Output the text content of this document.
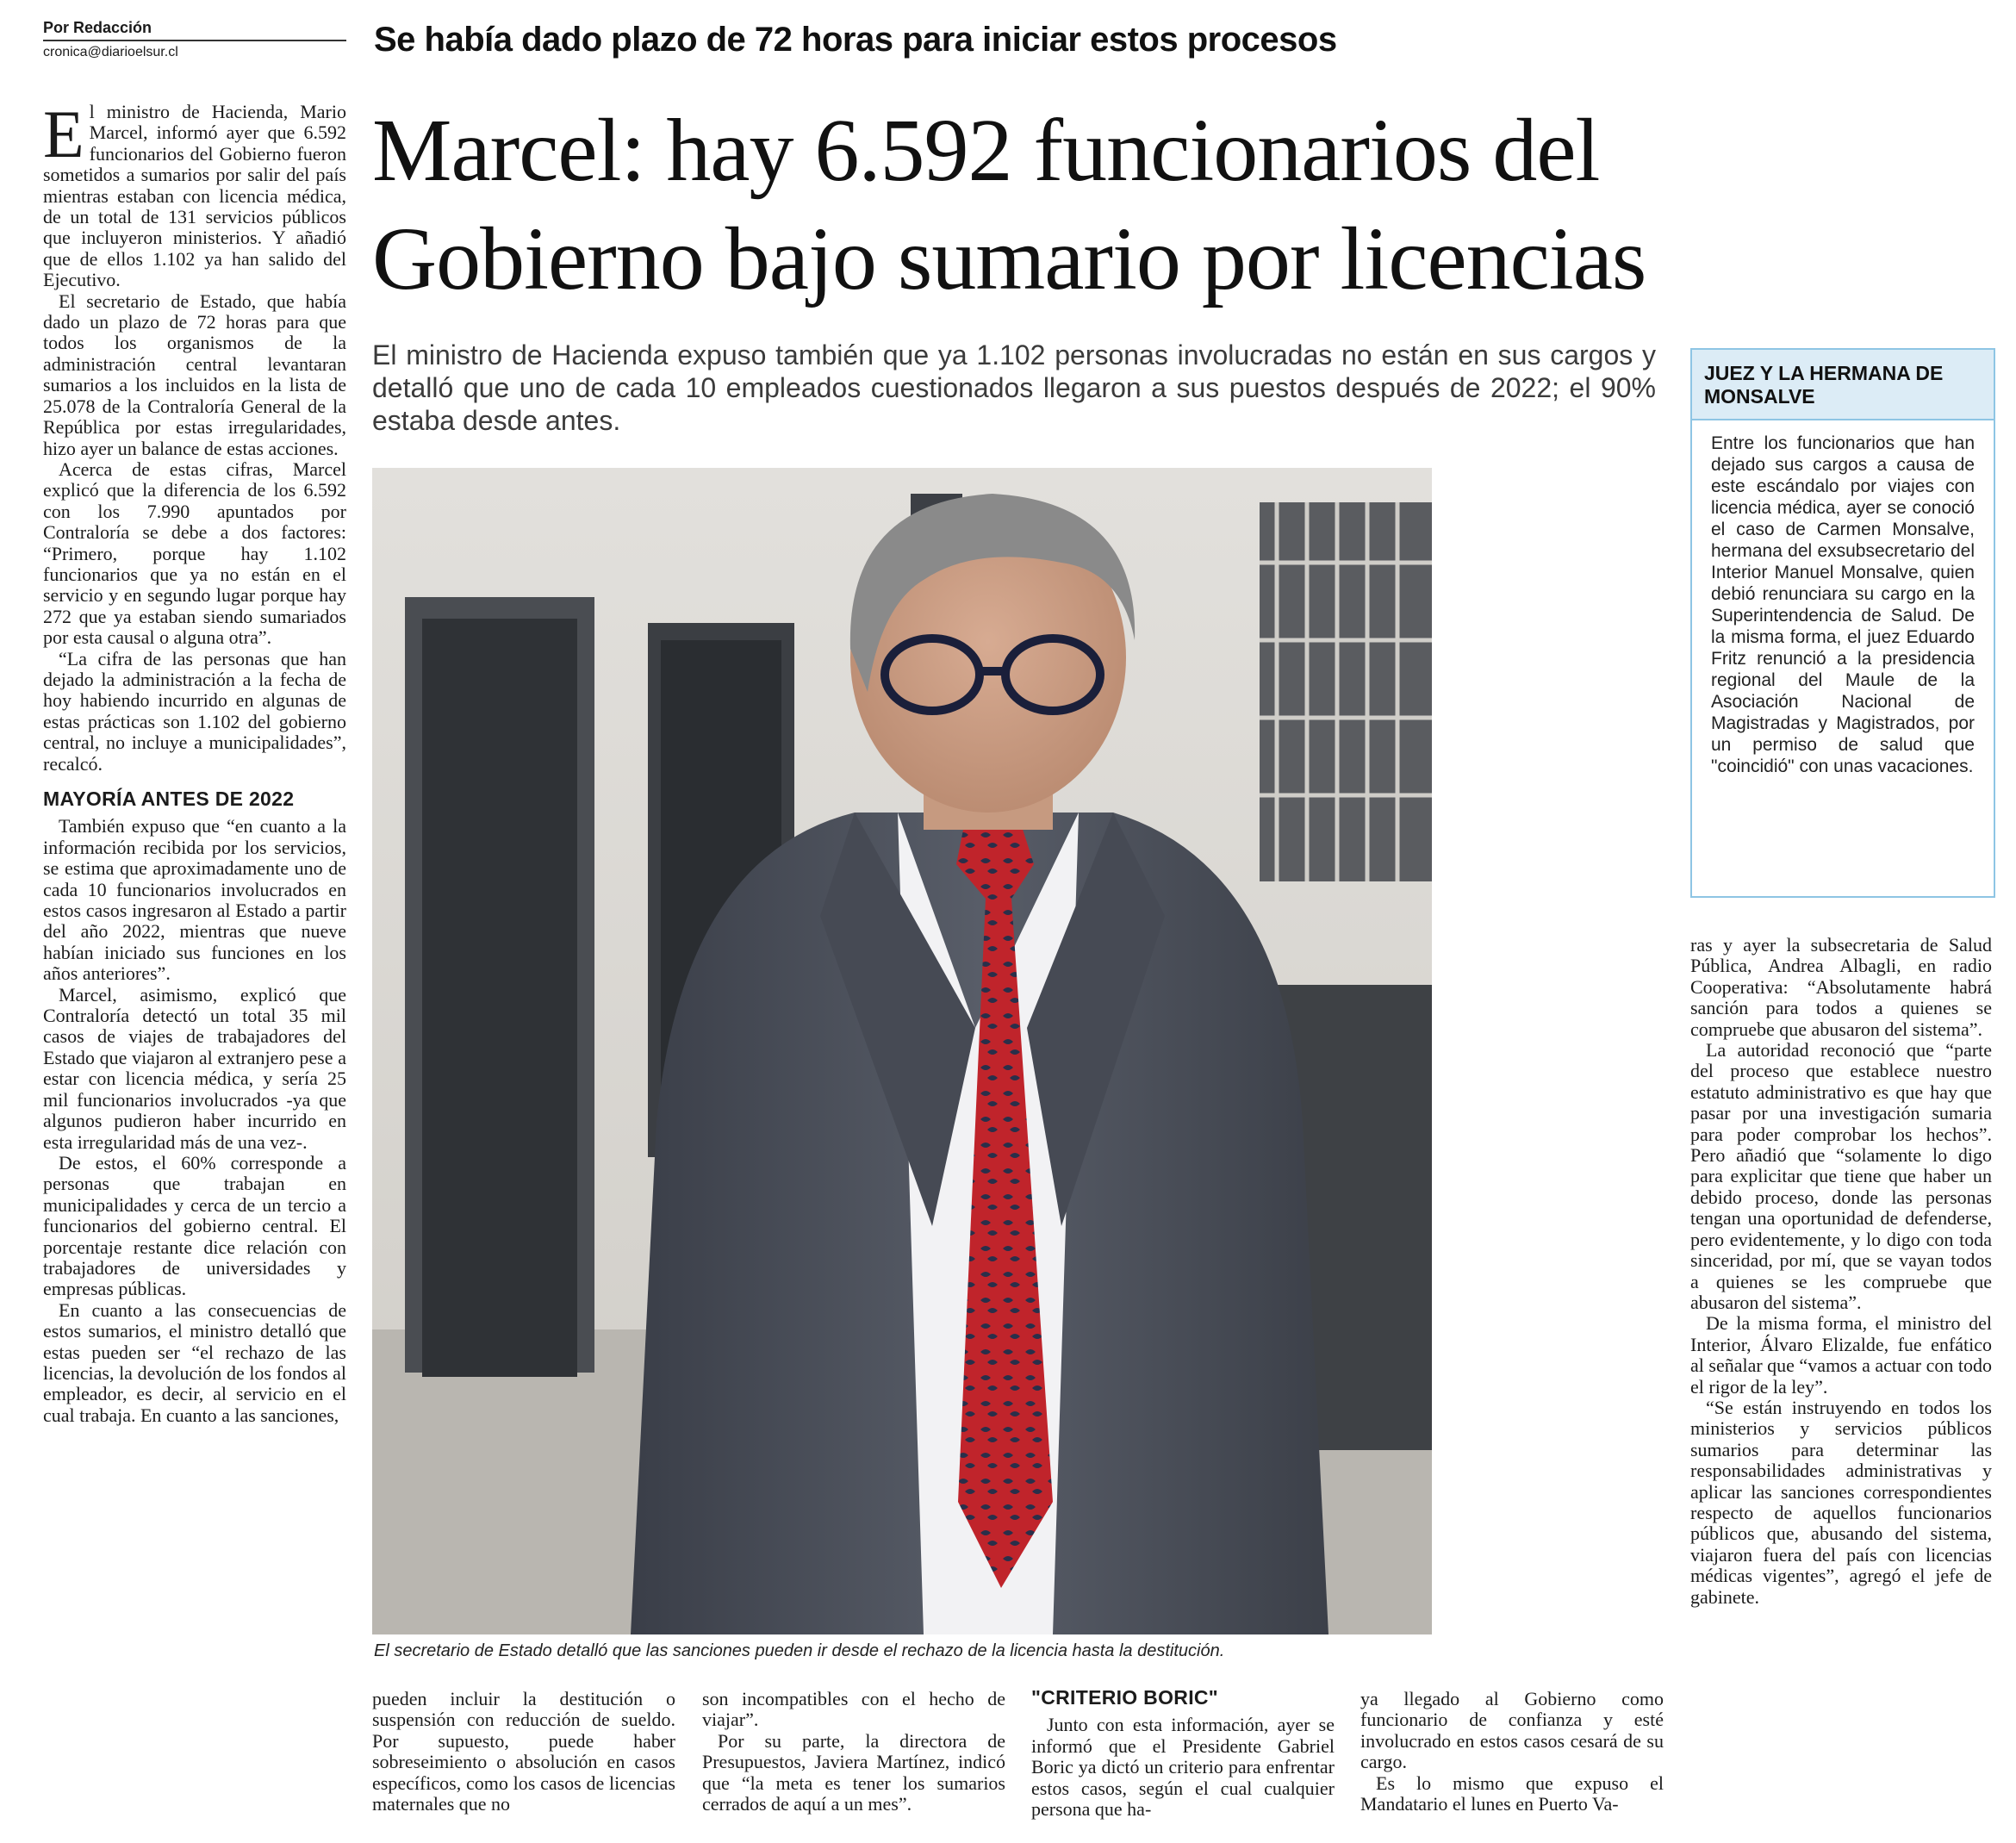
Por Redacción
cronica@diarioelsur.cl	Se había dado plazo de 72 horas para iniciar estos procesos
Marcel: hay 6.592 funcionarios del
Gobierno bajo sumario por licencias
El ministro de Hacienda expuso también que ya 1.102 personas involucradas no están en sus cargos y detalló que uno de cada 10 empleados cuestionados llegaron a sus puestos después de 2022; el 90% estaba desde antes.

El ministro de Hacienda, Mario Marcel, informó ayer que 6.592 funcionarios del Gobierno fueron sometidos a sumarios por salir del país mientras estaban con licencia médica, de un total de 131 servicios públicos que incluyeron ministerios. Y añadió que de ellos 1.102 ya han salido del Ejecutivo.

El secretario de Estado, que había dado un plazo de 72 horas para que todos los organismos de la administración central levantaran sumarios a los incluidos en la lista de 25.078 de la Contraloría General de la República por estas irregularidades, hizo ayer un balance de estas acciones.

Acerca de estas cifras, Marcel explicó que la diferencia de los 6.592 con los 7.990 apuntados por Contraloría se debe a dos factores: “Primero, porque hay 1.102 funcionarios que ya no están en el servicio y en segundo lugar porque hay 272 que ya estaban siendo sumariados por esta causal o alguna otra”.

“La cifra de las personas que han dejado la administración a la fecha de hoy habiendo incurrido en algunas de estas prácticas son 1.102 del gobierno central, no incluye a municipalidades”, recalcó.

MAYORÍA ANTES DE 2022

También expuso que “en cuanto a la información recibida por los servicios, se estima que aproximadamente uno de cada 10 funcionarios involucrados en estos casos ingresaron al Estado a partir del año 2022, mientras que nueve habían iniciado sus funciones en los años anteriores”.

Marcel, asimismo, explicó que Contraloría detectó un total 35 mil casos de viajes de trabajadores del Estado que viajaron al extranjero pese a estar con licencia médica, y sería 25 mil funcionarios involucrados -ya que algunos pudieron haber incurrido en esta irregularidad más de una vez-.

De estos, el 60% corresponde a personas que trabajan en municipalidades y cerca de un tercio a funcionarios del gobierno central. El porcentaje restante dice relación con trabajadores de universidades y empresas públicas.

En cuanto a las consecuencias de estos sumarios, el ministro detalló que estas pueden ser “el rechazo de las licencias, la devolución de los fondos al empleador, es decir, al servicio en el cual trabaja. En cuanto a las sanciones,

El secretario de Estado detalló que las sanciones pueden ir desde el rechazo de la licencia hasta la destitución.

pueden incluir la destitución o suspensión con reducción de sueldo. Por supuesto, puede haber sobreseimiento o absolución en casos específicos, como los casos de licencias maternales que no

son incompatibles con el hecho de viajar”.

Por su parte, la directora de Presupuestos, Javiera Martínez, indicó que “la meta es tener los sumarios cerrados de aquí a un mes”.

"CRITERIO BORIC"

Junto con esta información, ayer se informó que el Presidente Gabriel Boric ya dictó un criterio para enfrentar estos casos, según el cual cualquier persona que ha-

ya llegado al Gobierno como funcionario de confianza y esté involucrado en estos casos cesará de su cargo.

Es lo mismo que expuso el Mandatario el lunes en Puerto Va-

JUEZ Y LA HERMANA DE MONSALVE
Entre los funcionarios que han dejado sus cargos a causa de este escándalo por viajes con licencia médica, ayer se conoció el caso de Carmen Monsalve, hermana del exsubsecretario del Interior Manuel Monsalve, quien debió renunciara su cargo en la Superintendencia de Salud. De la misma forma, el juez Eduardo Fritz renunció a la presidencia regional del Maule de la Asociación Nacional de Magistradas y Magistrados, por un permiso de salud que "coincidió" con unas vacaciones.

ras y ayer la subsecretaria de Salud Pública, Andrea Albagli, en radio Cooperativa: “Absolutamente habrá sanción para todos a quienes se compruebe que abusaron del sistema”.

La autoridad reconoció que “parte del proceso que establece nuestro estatuto administrativo es que hay que pasar por una investigación sumaria para poder comprobar los hechos”. Pero añadió que “solamente lo digo para explicitar que tiene que haber un debido proceso, donde las personas tengan una oportunidad de defenderse, pero evidentemente, y lo digo con toda sinceridad, por mí, que se vayan todos a quienes se les compruebe que abusaron del sistema”.

De la misma forma, el ministro del Interior, Álvaro Elizalde, fue enfático al señalar que “vamos a actuar con todo el rigor de la ley”.

“Se están instruyendo en todos los ministerios y servicios públicos sumarios para determinar las responsabilidades administrativas y aplicar las sanciones correspondientes respecto de aquellos funcionarios públicos que, abusando del sistema, viajaron fuera del país con licencias médicas vigentes”, agregó el jefe de gabinete.
